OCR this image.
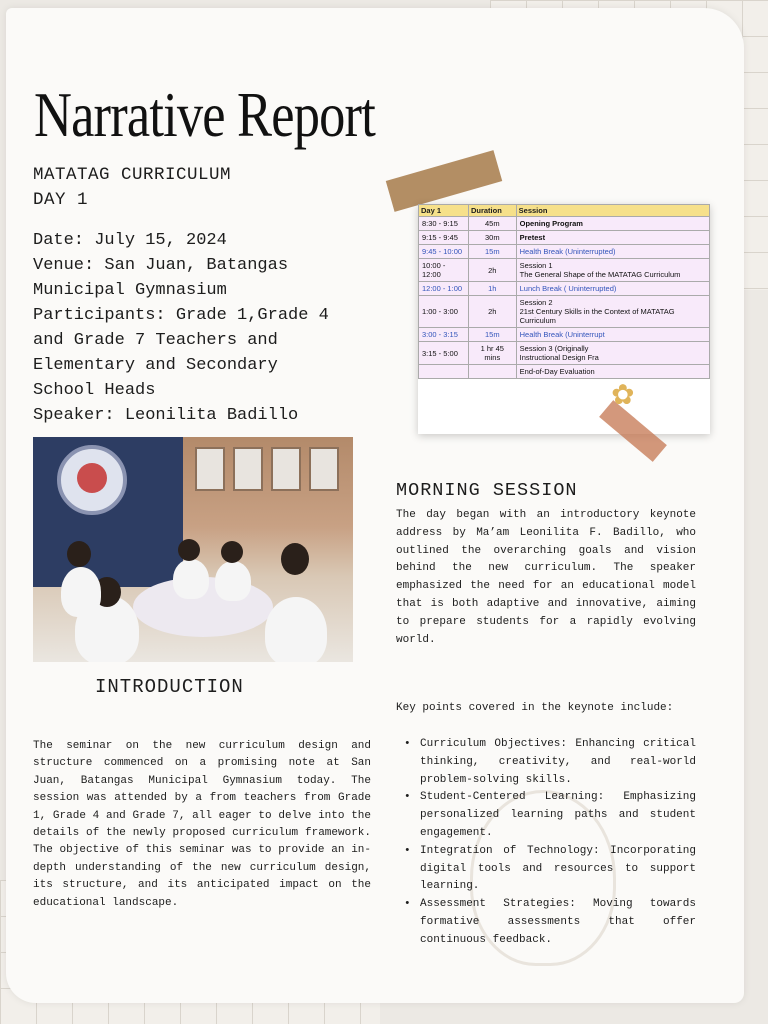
Narrative Report
MATATAG CURRICULUM
DAY 1
Date: July 15, 2024
Venue: San Juan, Batangas
Municipal Gymnasium
Participants: Grade 1,Grade 4
and Grade 7 Teachers and
Elementary and Secondary
School Heads
Speaker: Leonilita Badillo
Day 1	Duration	Session
8:30 - 9:15	45m	Opening Program
9:15 - 9:45	30m	Pretest
9:45 - 10:00	15m	Health Break (Uninterrupted)
10:00 - 12:00	2h	Session 1
The General Shape of the MATATAG Curriculum
12:00 - 1:00	1h	Lunch Break ( Uninterrupted)
1:00 - 3:00	2h	Session 2
21st Century Skills in the Context of MATATAG Curriculum
3:00 - 3:15	15m	Health Break (Uninterrupt
3:15 - 5:00	1 hr 45 mins	Session 3 (Originally
Instructional Design Fra
		End-of-Day Evaluation
✿
INTRODUCTION

The seminar on the new curriculum design and structure commenced on a promising note at San Juan, Batangas Municipal Gymnasium today. The session was attended by a from teachers from Grade 1, Grade 4 and Grade 7, all eager to delve into the details of the newly proposed curriculum framework. The objective of this seminar was to provide an in-depth understanding of the new curriculum design, its structure, and its anticipated impact on the educational landscape.

MORNING SESSION

The day began with an introductory keynote address by Ma’am Leonilita F. Badillo, who outlined the overarching goals and vision behind the new curriculum. The speaker emphasized the need for an educational model that is both adaptive and innovative, aiming to prepare students for a rapidly evolving world.

Key points covered in the keynote include:

• Curriculum Objectives: Enhancing critical thinking, creativity, and real-world problem-solving skills.
• Student-Centered Learning: Emphasizing personalized learning paths and student engagement.
• Integration of Technology: Incorporating digital tools and resources to support learning.
• Assessment Strategies: Moving towards formative assessments that offer continuous feedback.
